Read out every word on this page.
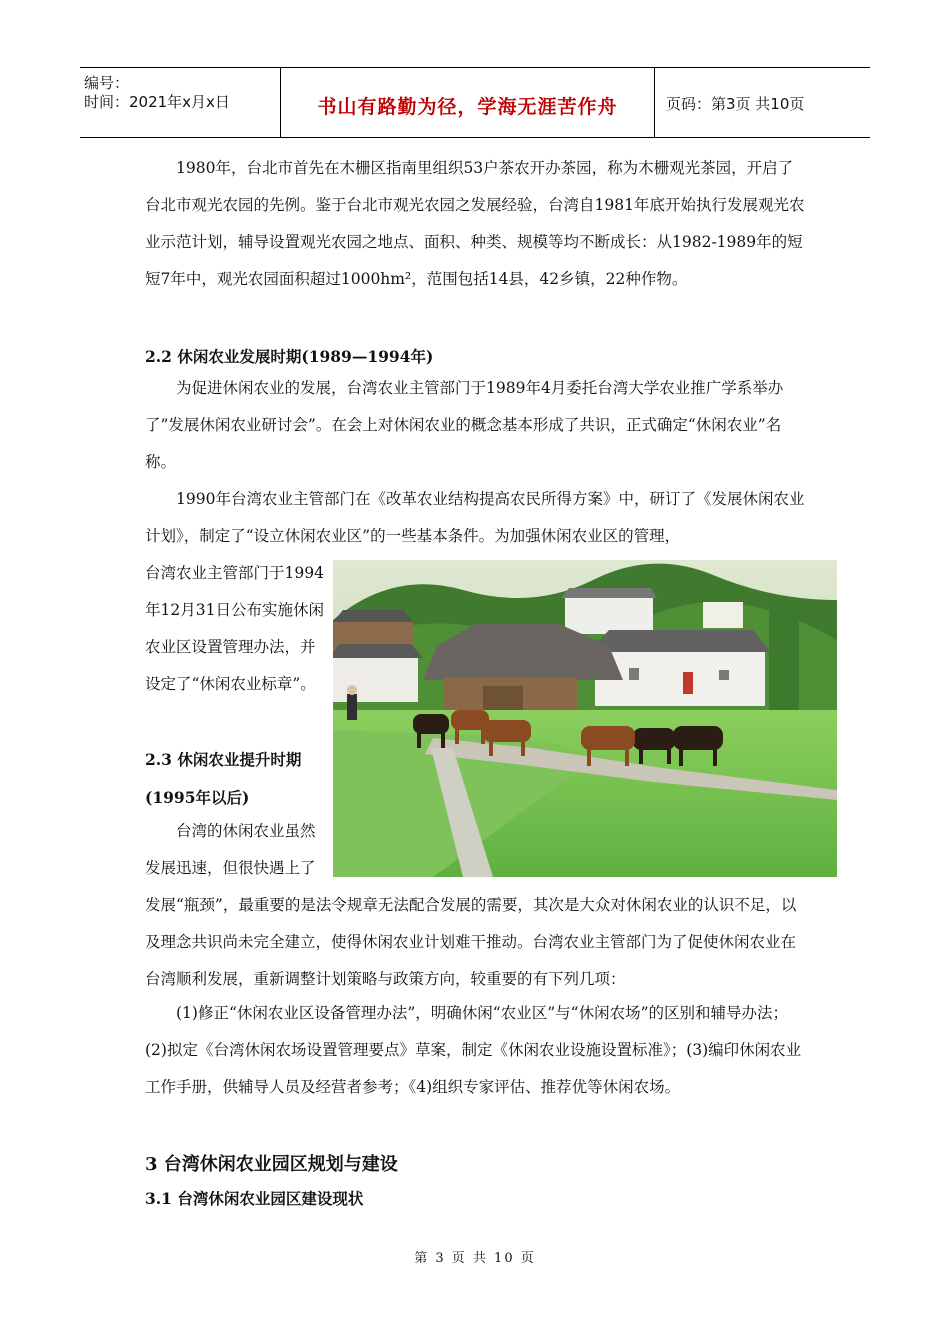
编号：
时间：2021年x月x日	书山有路勤为径，学海无涯苦作舟	页码：第3页 共10页

1980年，台北市首先在木栅区指南里组织53户茶农开办茶园，称为木栅观光茶园，开启了台北市观光农园的先例。鉴于台北市观光农园之发展经验，台湾自1981年底开始执行发展观光农业示范计划，辅导设置观光农园之地点、面积、种类、规模等均不断成长：从1982-1989年的短短7年中，观光农园面积超过1000hm²，范围包括14县，42乡镇，22种作物。

2.2 休闲农业发展时期(1989—1994年)

为促进休闲农业的发展，台湾农业主管部门于1989年4月委托台湾大学农业推广学系举办了”发展休闲农业研讨会”。在会上对休闲农业的概念基本形成了共识，正式确定“休闲农业”名称。

1990年台湾农业主管部门在《改革农业结构提高农民所得方案》中，研订了《发展休闲农业计划》，制定了“设立休闲农业区”的一些基本条件。为加强休闲农业区的管理，

台湾农业主管部门于1994年12月31日公布实施休闲农业区设置管理办法，并设定了“休闲农业标章”。

2.3 休闲农业提升时期

(1995年以后)

台湾的休闲农业虽然发展迅速，但很快遇上了

发展“瓶颈”，最重要的是法令规章无法配合发展的需要，其次是大众对休闲农业的认识不足，以及理念共识尚未完全建立，使得休闲农业计划难干推动。台湾农业主管部门为了促使休闲农业在台湾顺利发展，重新调整计划策略与政策方向，较重要的有下列几项：

(1)修正“休闲农业区设备管理办法”，明确休闲“农业区”与“休闲农场”的区别和辅导办法；(2)拟定《台湾休闲农场设置管理要点》草案，制定《休闲农业设施设置标准》；(3)编印休闲农业工作手册，供辅导人员及经营者参考；《4)组织专家评估、推荐优等休闲农场。

3 台湾休闲农业园区规划与建设

3.1 台湾休闲农业园区建设现状

第 3 页 共 10 页
